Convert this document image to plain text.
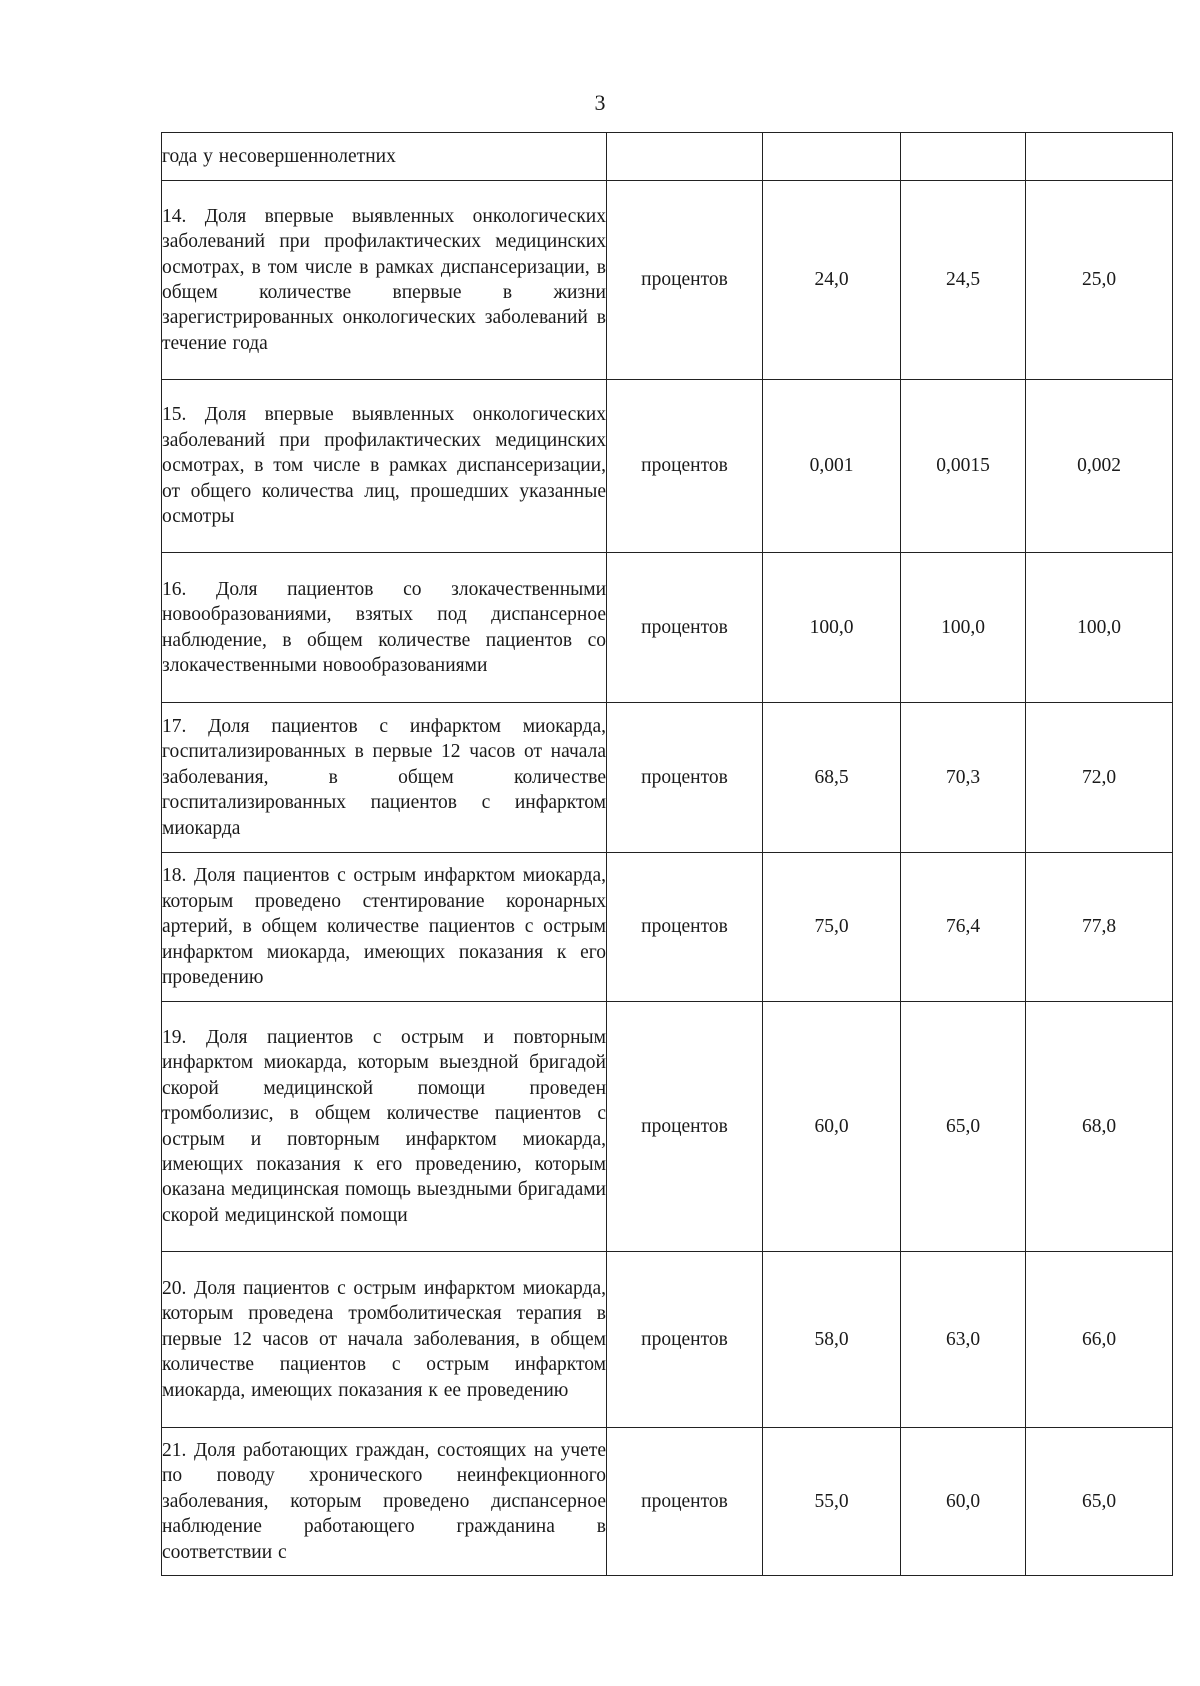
3
года у несовершеннолетних				
14. Доля впервые выявленных онкологических заболеваний при профилактических медицинских осмотрах, в том числе в рамках диспансеризации, в общем количестве впервые в жизни зарегистрированных онкологических заболеваний в течение года	процентов	24,0	24,5	25,0
15. Доля впервые выявленных онкологических заболеваний при профилактических медицинских осмотрах, в том числе в рамках диспансеризации, от общего количества лиц, прошедших указанные осмотры	процентов	0,001	0,0015	0,002
16. Доля пациентов со злокачественными новообразованиями, взятых под диспансерное наблюдение, в общем количестве пациентов со злокачественными новообразованиями	процентов	100,0	100,0	100,0
17. Доля пациентов с инфарктом миокарда, госпитализированных в первые 12 часов от начала заболевания, в общем количестве госпитализированных пациентов с инфарктом миокарда	процентов	68,5	70,3	72,0
18. Доля пациентов с острым инфарктом миокарда, которым проведено стентирование коронарных артерий, в общем количестве пациентов с острым инфарктом миокарда, имеющих показания к его проведению	процентов	75,0	76,4	77,8
19. Доля пациентов с острым и повторным инфарктом миокарда, которым выездной бригадой скорой медицинской помощи проведен тромболизис, в общем количестве пациентов с острым и повторным инфарктом миокарда, имеющих показания к его проведению, которым оказана медицинская помощь выездными бригадами скорой медицинской помощи	процентов	60,0	65,0	68,0
20. Доля пациентов с острым инфарктом миокарда, которым проведена тромболитическая терапия в первые 12 часов от начала заболевания, в общем количестве пациентов с острым инфарктом миокарда, имеющих показания к ее проведению	процентов	58,0	63,0	66,0
21. Доля работающих граждан, состоящих на учете по поводу хронического неинфекционного заболевания, которым проведено диспансерное наблюдение работающего гражданина в соответствии с	процентов	55,0	60,0	65,0
